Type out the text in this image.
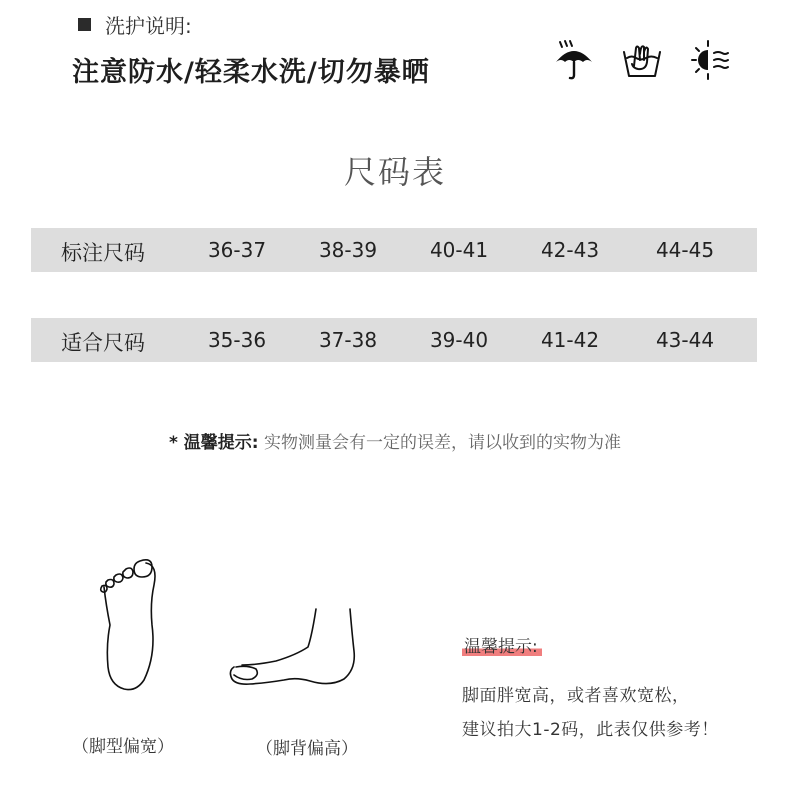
洗护说明:
注意防水/轻柔水洗/切勿暴晒
尺码表
标注尺码	36-37	38-39	40-41	42-43	44-45
适合尺码	35-36	37-38	39-40	41-42	43-44
* 温馨提示: 实物测量会有一定的误差，请以收到的实物为准
（脚型偏宽）	（脚背偏高）
温馨提示:
脚面胖宽高，或者喜欢宽松，
建议拍大1-2码，此表仅供参考！
